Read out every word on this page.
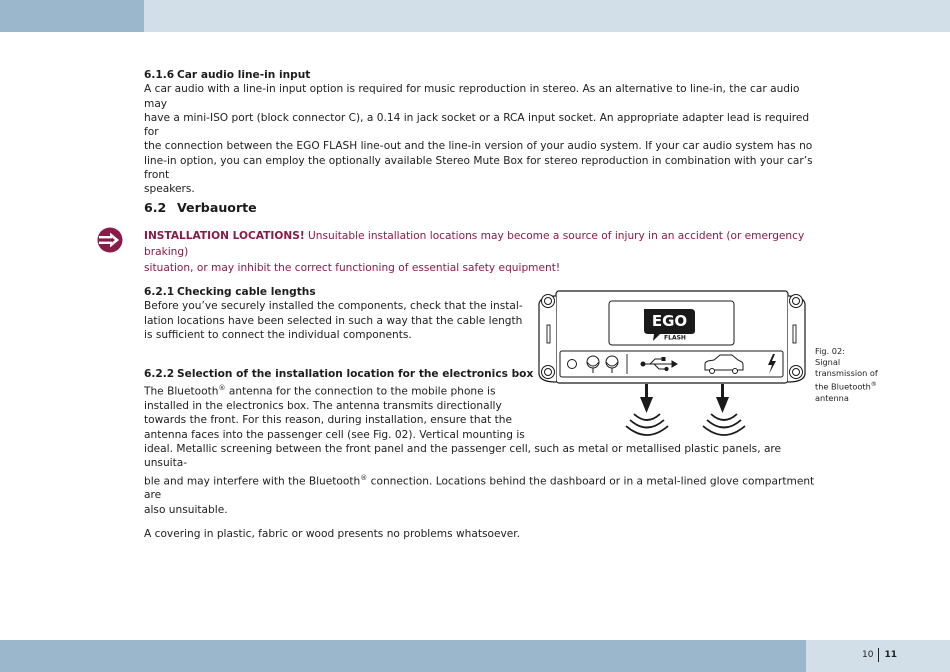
6.1.6 Car audio line-in input
A car audio with a line-in input option is required for music reproduction in stereo. As an alternative to line-in, the car audio may
have a mini-ISO port (block connector C), a 0.14 in jack socket or a RCA input socket. An appropriate adapter lead is required for
the connection between the EGO FLASH line-out and the line-in version of your audio system. If your car audio system has no
line-in option, you can employ the optionally available Stereo Mute Box for stereo reproduction in combination with your car’s front
speakers.
6.2 Verbauorte
INSTALLATION LOCATIONS! Unsuitable installation locations may become a source of injury in an accident (or emergency braking)
situation, or may inhibit the correct functioning of essential safety equipment!
6.2.1 Checking cable lengths
Before you’ve securely installed the components, check that the instal-
lation locations have been selected in such a way that the cable length
is sufficient to connect the individual components.
6.2.2 Selection of the installation location for the electronics box
The Bluetooth® antenna for the connection to the mobile phone is
installed in the electronics box. The antenna transmits directionally
towards the front. For this reason, during installation, ensure that the
antenna faces into the passenger cell (see Fig. 02). Vertical mounting is
ideal. Metallic screening between the front panel and the passenger cell, such as metal or metallised plastic panels, are unsuita-
ble and may interfere with the Bluetooth® connection. Locations behind the dashboard or in a metal-lined glove compartment are
also unsuitable.
A covering in plastic, fabric or wood presents no problems whatsoever.
EGO
FLASH
Fig. 02:
Signal
transmission of
the Bluetooth®
antenna
10 11
